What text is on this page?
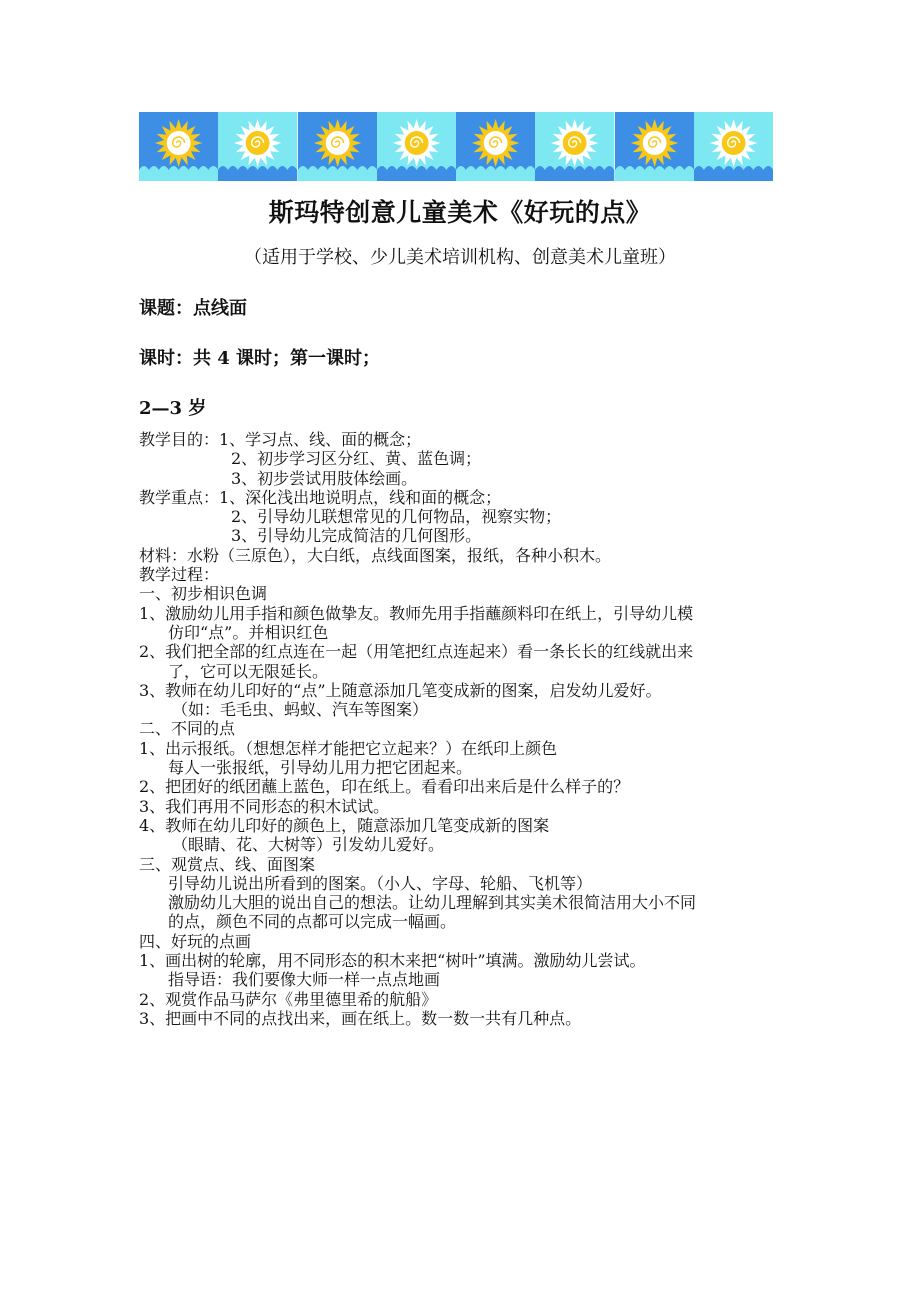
斯玛特创意儿童美术《好玩的点》
（适用于学校、少儿美术培训机构、创意美术儿童班）
课题：点线面
课时：共 4 课时；第一课时；
2—3 岁
教学目的：1、学习点、线、面的概念；
2、初步学习区分红、黄、蓝色调；
3、初步尝试用肢体绘画。
教学重点：1、深化浅出地说明点，线和面的概念；
2、引导幼儿联想常见的几何物品，视察实物；
3、引导幼儿完成简洁的几何图形。
材料：水粉（三原色），大白纸，点线面图案，报纸，各种小积木。
教学过程：
一、初步相识色调
1、激励幼儿用手指和颜色做挚友。教师先用手指蘸颜料印在纸上，引导幼儿模
仿印“点”。并相识红色
2、我们把全部的红点连在一起（用笔把红点连起来）看一条长长的红线就出来
了，它可以无限延长。
3、教师在幼儿印好的“点”上随意添加几笔变成新的图案，启发幼儿爱好。
（如：毛毛虫、蚂蚁、汽车等图案）
二、不同的点
1、出示报纸。（想想怎样才能把它立起来？）在纸印上颜色
每人一张报纸，引导幼儿用力把它团起来。
2、把团好的纸团蘸上蓝色，印在纸上。看看印出来后是什么样子的？
3、我们再用不同形态的积木试试。
4、教师在幼儿印好的颜色上，随意添加几笔变成新的图案
（眼睛、花、大树等）引发幼儿爱好。
三、观赏点、线、面图案
引导幼儿说出所看到的图案。（小人、字母、轮船、飞机等）
激励幼儿大胆的说出自己的想法。让幼儿理解到其实美术很简洁用大小不同
的点，颜色不同的点都可以完成一幅画。
四、好玩的点画
1、画出树的轮廓，用不同形态的积木来把“树叶”填满。激励幼儿尝试。
指导语：我们要像大师一样一点点地画
2、观赏作品马萨尔《弗里德里希的航船》
3、把画中不同的点找出来，画在纸上。数一数一共有几种点。
